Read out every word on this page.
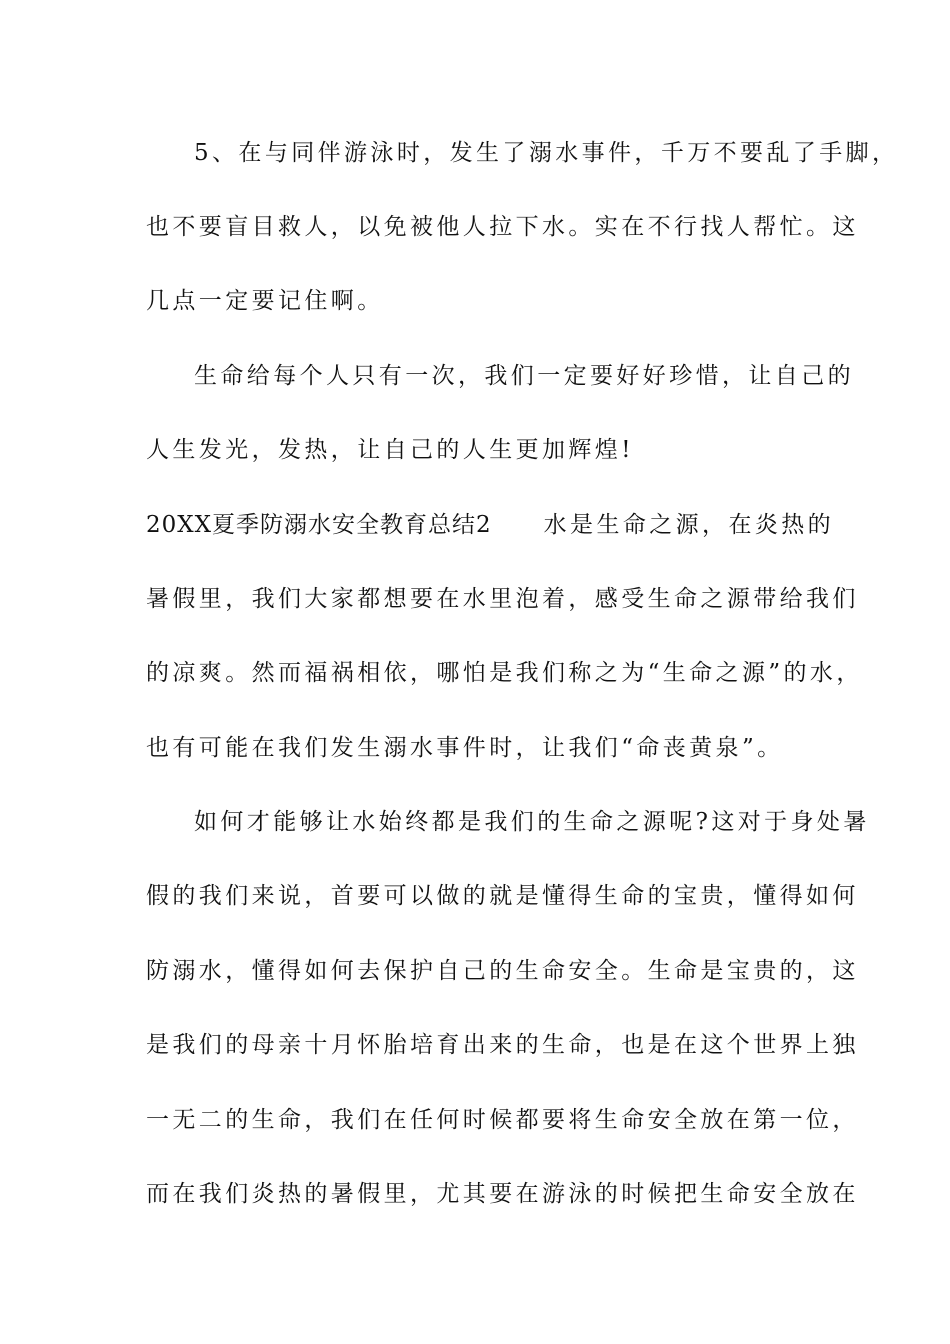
5、在与同伴游泳时，发生了溺水事件，千万不要乱了手脚，
也不要盲目救人，以免被他人拉下水。实在不行找人帮忙。这
几点一定要记住啊。
生命给每个人只有一次，我们一定要好好珍惜，让自己的
人生发光，发热，让自己的人生更加辉煌!
20XX夏季防溺水安全教育总结2 水是生命之源，在炎热的
暑假里，我们大家都想要在水里泡着，感受生命之源带给我们
的凉爽。然而福祸相依，哪怕是我们称之为“生命之源”的水，
也有可能在我们发生溺水事件时，让我们“命丧黄泉”。
如何才能够让水始终都是我们的生命之源呢?这对于身处暑
假的我们来说，首要可以做的就是懂得生命的宝贵，懂得如何
防溺水，懂得如何去保护自己的生命安全。生命是宝贵的，这
是我们的母亲十月怀胎培育出来的生命，也是在这个世界上独
一无二的生命，我们在任何时候都要将生命安全放在第一位，
而在我们炎热的暑假里，尤其要在游泳的时候把生命安全放在
